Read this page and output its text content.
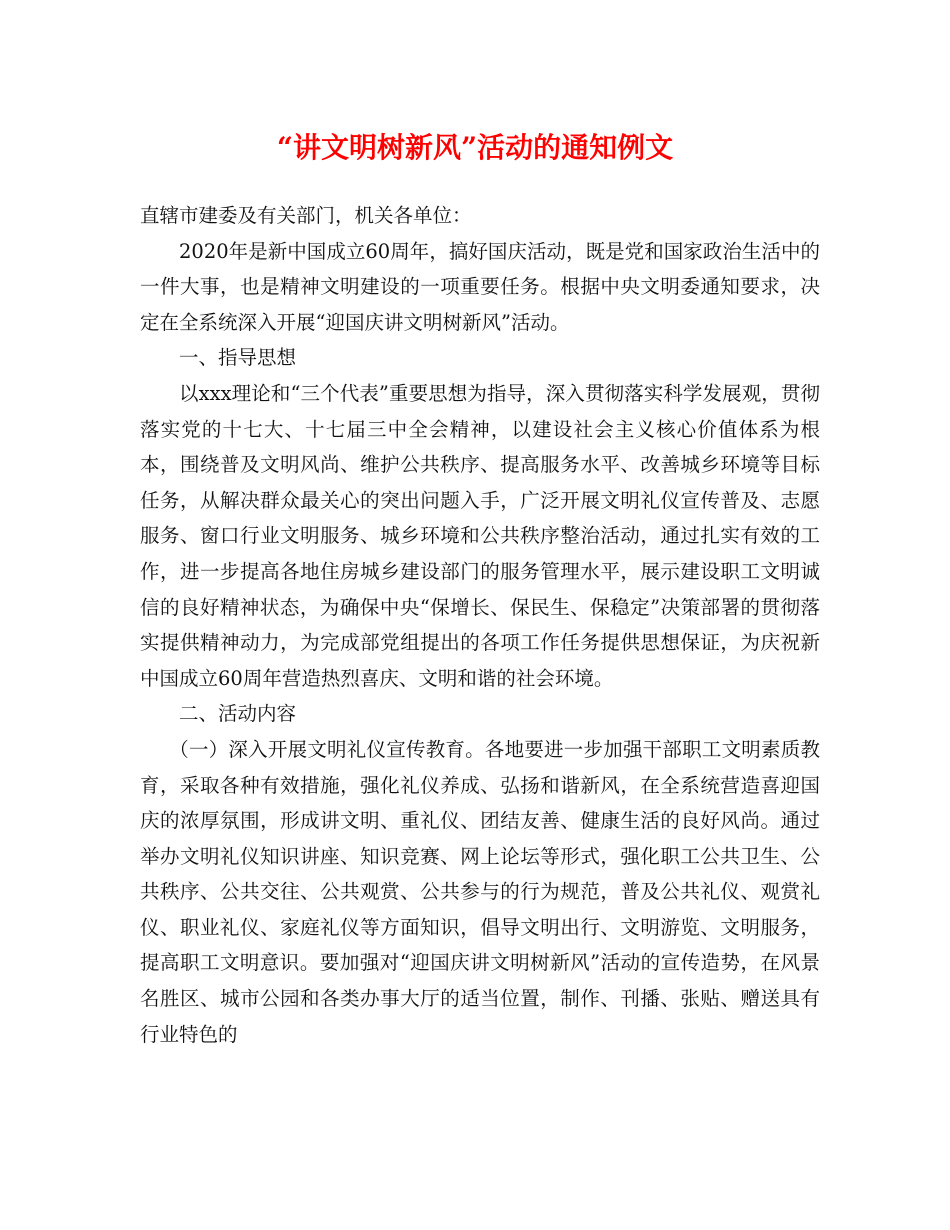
“讲文明树新风”活动的通知例文

直辖市建委及有关部门，机关各单位：

2020年是新中国成立60周年，搞好国庆活动，既是党和国家政治生活中的一件大事，也是精神文明建设的一项重要任务。根据中央文明委通知要求，决定在全系统深入开展“迎国庆讲文明树新风”活动。

一、指导思想

以xxx理论和“三个代表”重要思想为指导，深入贯彻落实科学发展观，贯彻落实党的十七大、十七届三中全会精神，以建设社会主义核心价值体系为根本，围绕普及文明风尚、维护公共秩序、提高服务水平、改善城乡环境等目标任务，从解决群众最关心的突出问题入手，广泛开展文明礼仪宣传普及、志愿服务、窗口行业文明服务、城乡环境和公共秩序整治活动，通过扎实有效的工作，进一步提高各地住房城乡建设部门的服务管理水平，展示建设职工文明诚信的良好精神状态，为确保中央“保增长、保民生、保稳定”决策部署的贯彻落实提供精神动力，为完成部党组提出的各项工作任务提供思想保证，为庆祝新中国成立60周年营造热烈喜庆、文明和谐的社会环境。

二、活动内容

（一）深入开展文明礼仪宣传教育。各地要进一步加强干部职工文明素质教育，采取各种有效措施，强化礼仪养成、弘扬和谐新风，在全系统营造喜迎国庆的浓厚氛围，形成讲文明、重礼仪、团结友善、健康生活的良好风尚。通过举办文明礼仪知识讲座、知识竞赛、网上论坛等形式，强化职工公共卫生、公共秩序、公共交往、公共观赏、公共参与的行为规范，普及公共礼仪、观赏礼仪、职业礼仪、家庭礼仪等方面知识，倡导文明出行、文明游览、文明服务，提高职工文明意识。要加强对“迎国庆讲文明树新风”活动的宣传造势，在风景名胜区、城市公园和各类办事大厅的适当位置，制作、刊播、张贴、赠送具有行业特色的
